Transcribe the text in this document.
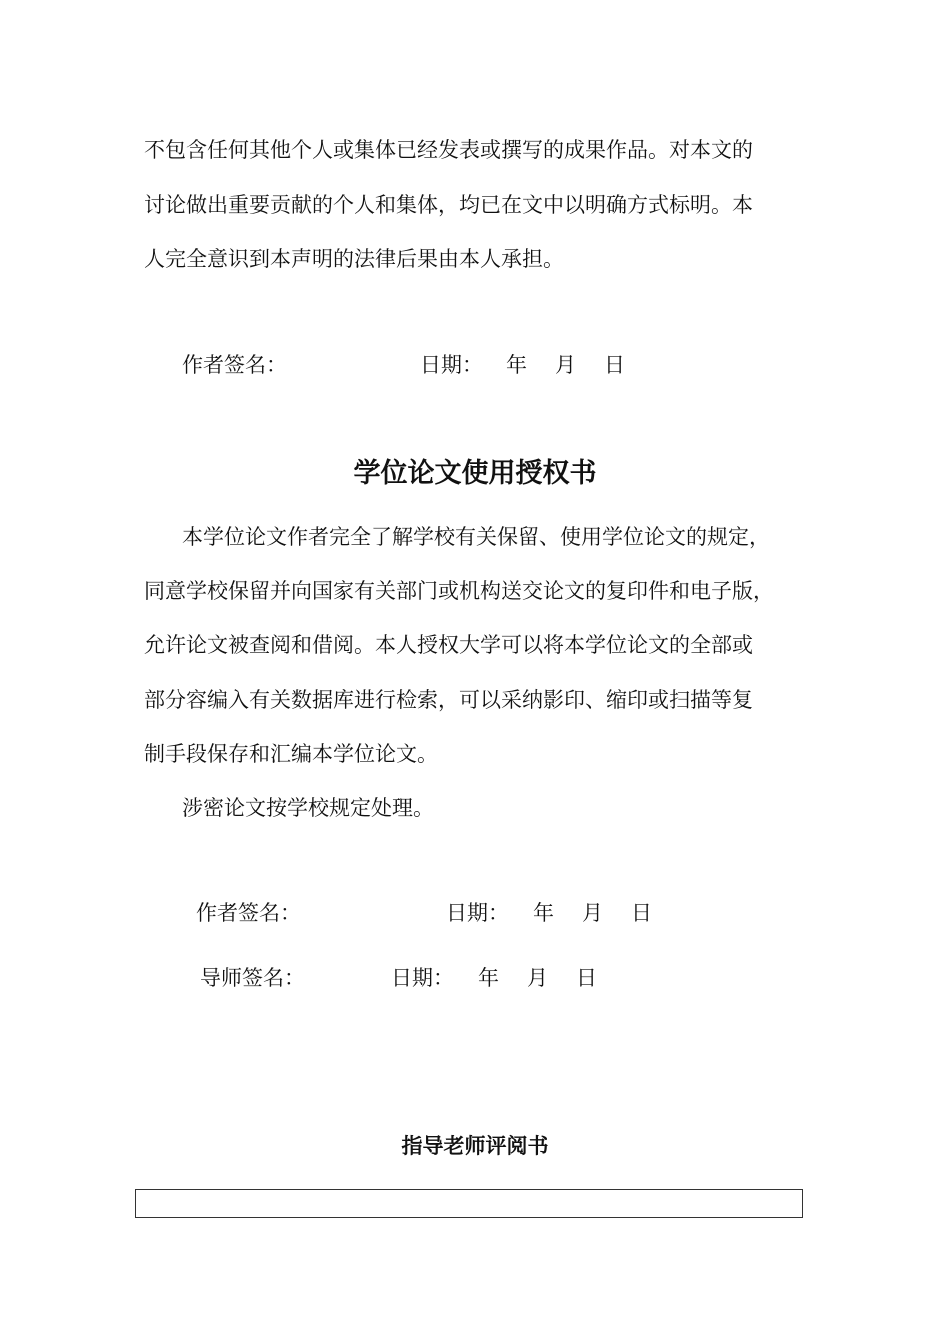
不包含任何其他个人或集体已经发表或撰写的成果作品。对本文的
讨论做出重要贡献的个人和集体，均已在文中以明确方式标明。本
人完全意识到本声明的法律后果由本人承担。
作者签名：	日期： 年 月 日
学位论文使用授权书
本学位论文作者完全了解学校有关保留、使用学位论文的规定，
同意学校保留并向国家有关部门或机构送交论文的复印件和电子版，
允许论文被查阅和借阅。本人授权大学可以将本学位论文的全部或
部分容编入有关数据库进行检索，可以采纳影印、缩印或扫描等复
制手段保存和汇编本学位论文。
涉密论文按学校规定处理。
作者签名：	日期： 年 月 日
导师签名：	日期： 年 月 日
指导老师评阅书
